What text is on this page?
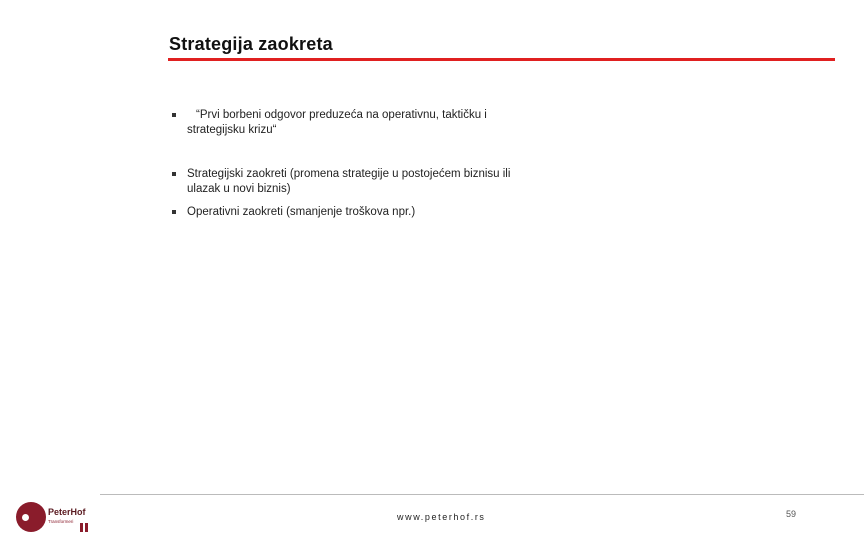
Strategija zaokreta
“Prvi borbeni odgovor preduzeća na operativnu, taktičku i
strategijsku krizu“
Strategijski zaokreti (promena strategije u postojećem biznisu ili
ulazak u novi biznis)
Operativni zaokreti (smanjenje troškova npr.)
PeterHof
Transformeri	www.peterhof.rs	59
